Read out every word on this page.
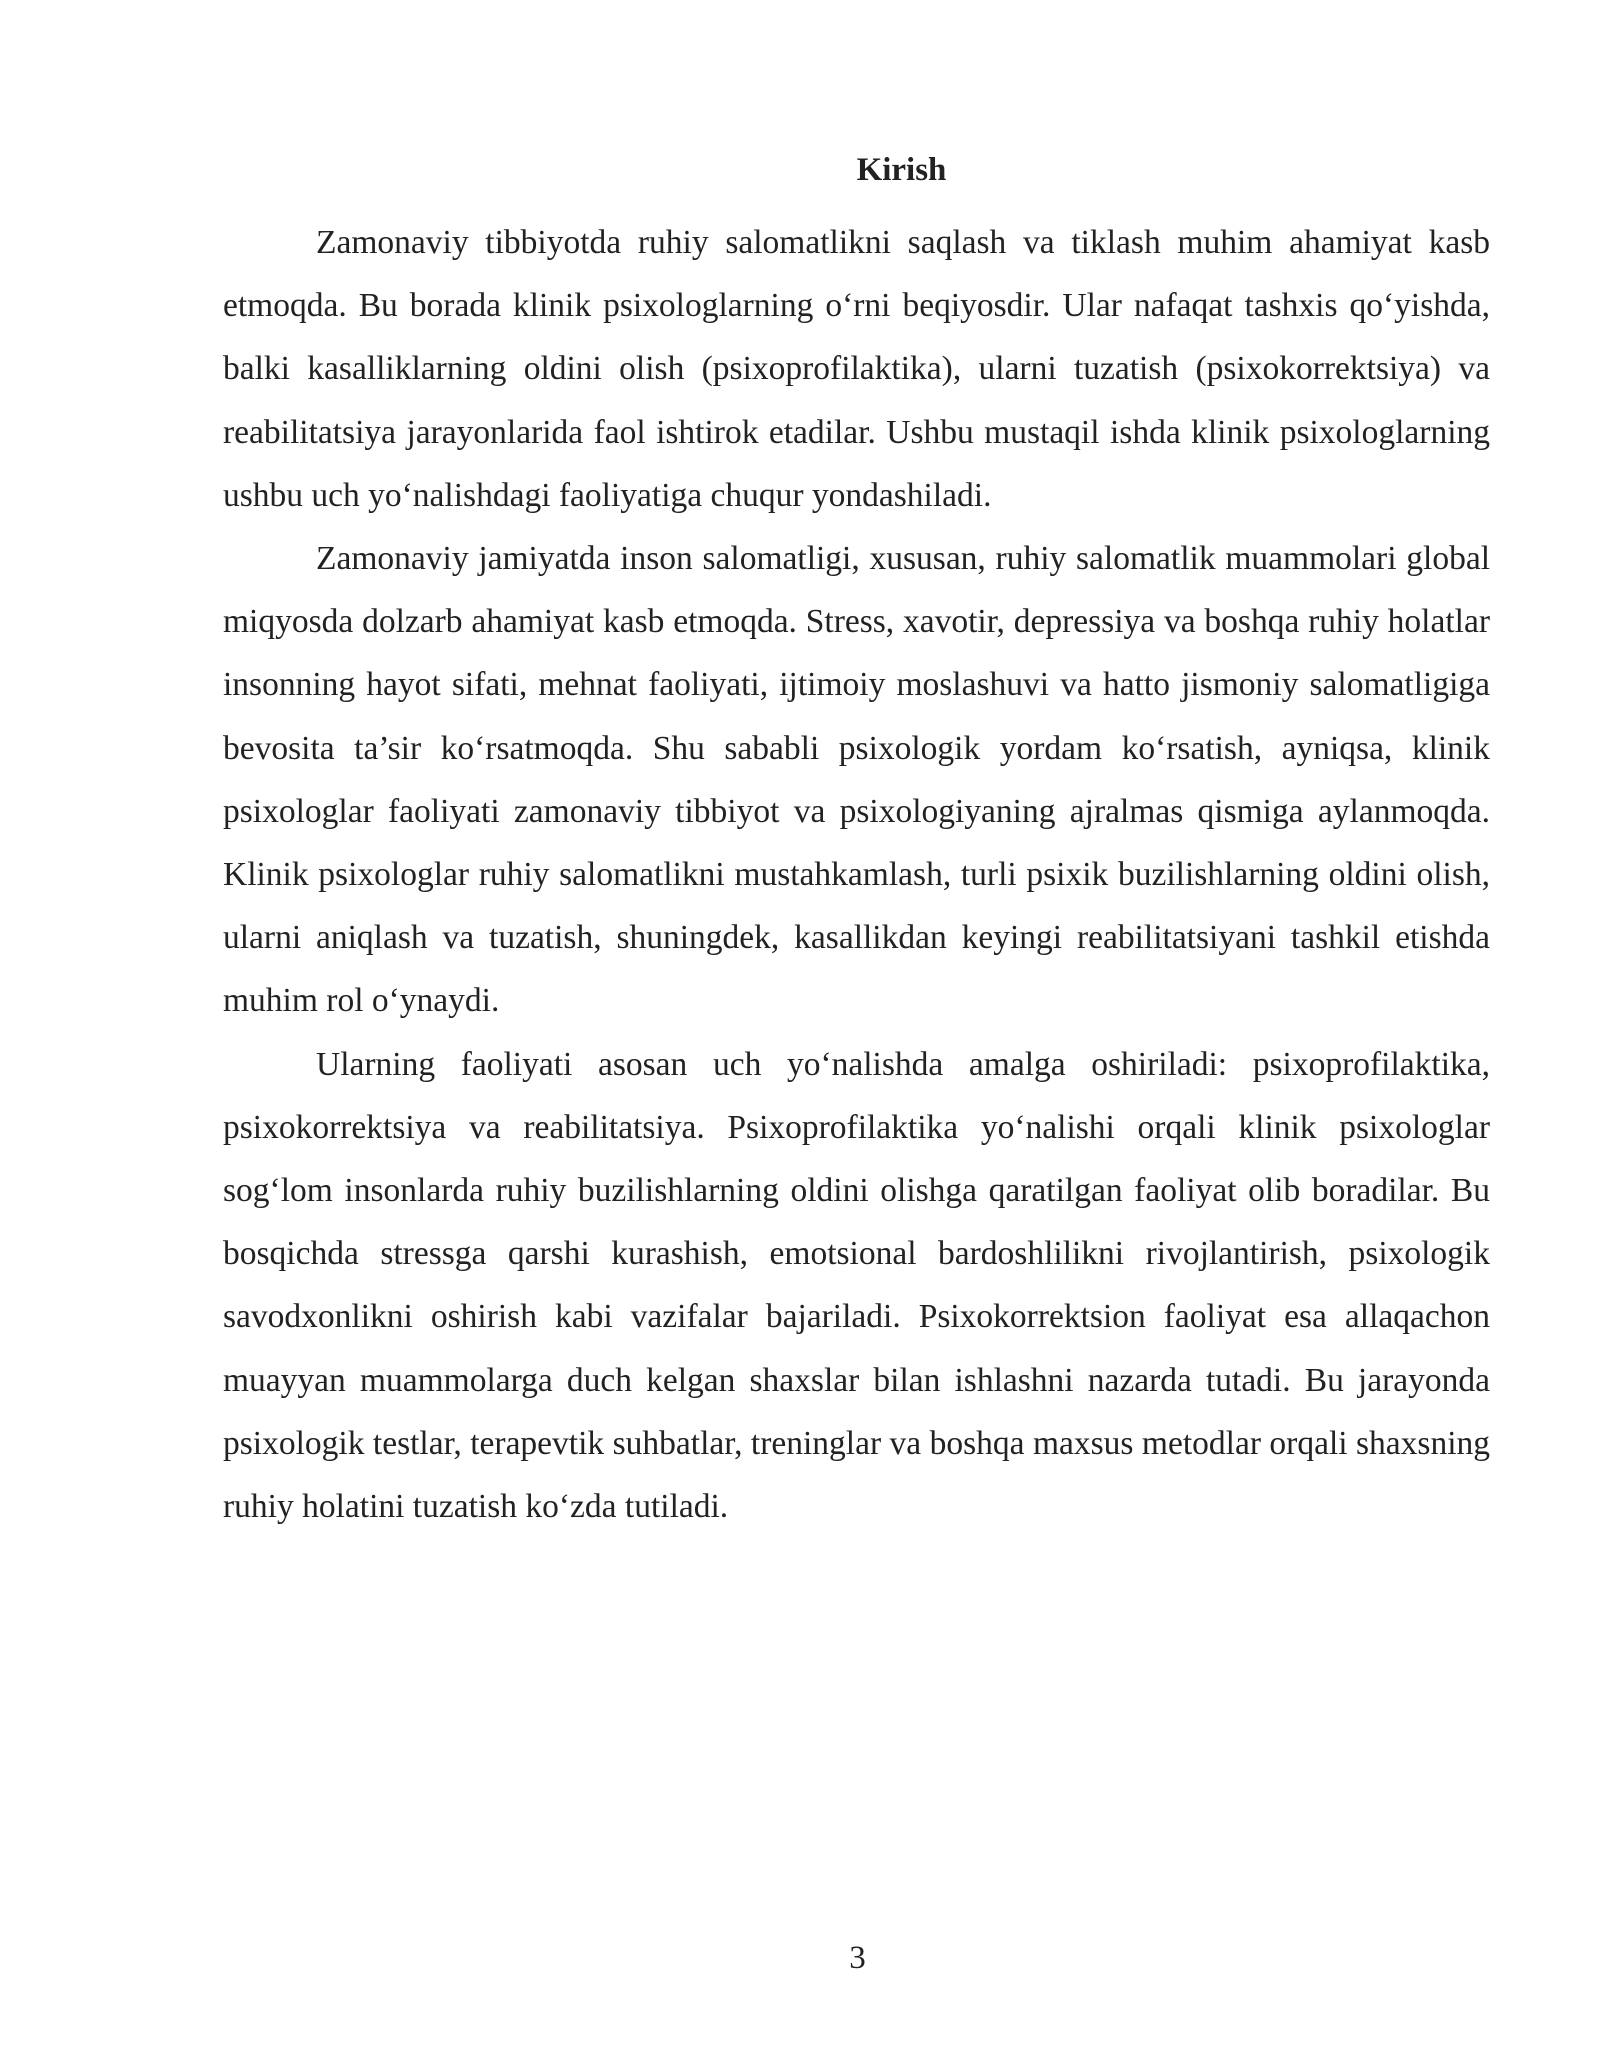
Kirish

Zamonaviy tibbiyotda ruhiy salomatlikni saqlash va tiklash muhim ahamiyat kasb etmoqda. Bu borada klinik psixologlarning o‘rni beqiyosdir. Ular nafaqat tashxis qo‘yishda, balki kasalliklarning oldini olish (psixoprofilaktika), ularni tuzatish (psixokorrektsiya) va reabilitatsiya jarayonlarida faol ishtirok etadilar. Ushbu mustaqil ishda klinik psixologlarning ushbu uch yo‘nalishdagi faoliyatiga chuqur yondashiladi.

Zamonaviy jamiyatda inson salomatligi, xususan, ruhiy salomatlik muammolari global miqyosda dolzarb ahamiyat kasb etmoqda. Stress, xavotir, depressiya va boshqa ruhiy holatlar insonning hayot sifati, mehnat faoliyati, ijtimoiy moslashuvi va hatto jismoniy salomatligiga bevosita ta’sir ko‘rsatmoqda. Shu sababli psixologik yordam ko‘rsatish, ayniqsa, klinik psixologlar faoliyati zamonaviy tibbiyot va psixologiyaning ajralmas qismiga aylanmoqda. Klinik psixologlar ruhiy salomatlikni mustahkamlash, turli psixik buzilishlarning oldini olish, ularni aniqlash va tuzatish, shuningdek, kasallikdan keyingi reabilitatsiyani tashkil etishda muhim rol o‘ynaydi.

Ularning faoliyati asosan uch yo‘nalishda amalga oshiriladi: psixoprofilaktika, psixokorrektsiya va reabilitatsiya. Psixoprofilaktika yo‘nalishi orqali klinik psixologlar sog‘lom insonlarda ruhiy buzilishlarning oldini olishga qaratilgan faoliyat olib boradilar. Bu bosqichda stressga qarshi kurashish, emotsional bardoshlilikni rivojlantirish, psixologik savodxonlikni oshirish kabi vazifalar bajariladi. Psixokorrektsion faoliyat esa allaqachon muayyan muammolarga duch kelgan shaxslar bilan ishlashni nazarda tutadi. Bu jarayonda psixologik testlar, terapevtik suhbatlar, treninglar va boshqa maxsus metodlar orqali shaxsning ruhiy holatini tuzatish ko‘zda tutiladi.

3
